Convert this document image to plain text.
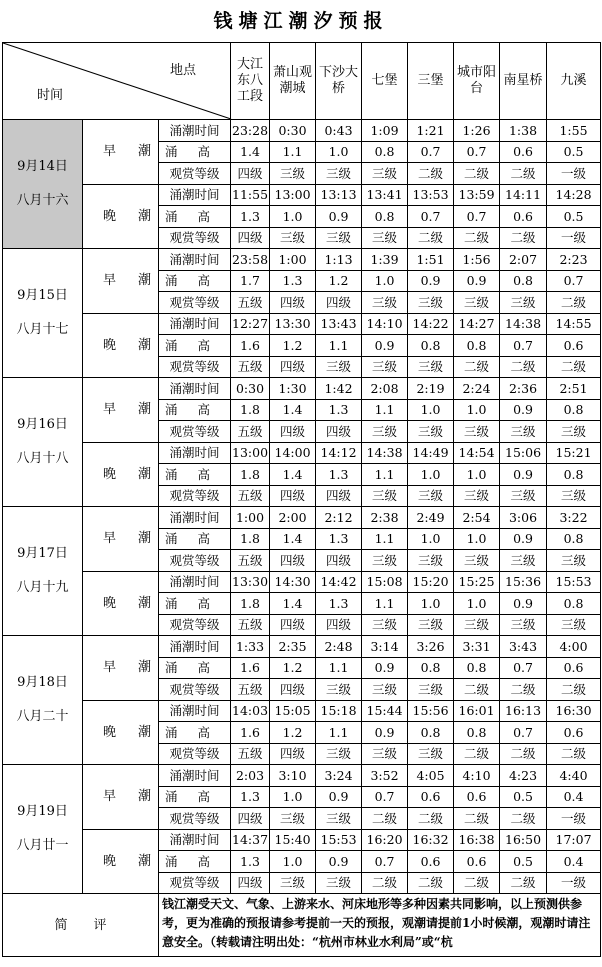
钱塘江潮汐预报
地点
时间			大江东八工段	萧山观潮城	下沙大桥	七堡	三堡	城市阳台	南星桥	九溪

9月14日
八月十六	早潮	涌潮时间	23:28	0:30	0:43	1:09	1:21	1:26	1:38	1:55
		涌高	1.4	1.1	1.0	0.8	0.7	0.7	0.6	0.5
		观赏等级	四级	三级	三级	三级	二级	二级	二级	一级
	晚潮	涌潮时间	11:55	13:00	13:13	13:41	13:53	13:59	14:11	14:28
		涌高	1.3	1.0	0.9	0.8	0.7	0.7	0.6	0.5
		观赏等级	四级	三级	三级	三级	二级	二级	二级	一级

9月15日
八月十七	早潮	涌潮时间	23:58	1:00	1:13	1:39	1:51	1:56	2:07	2:23
		涌高	1.7	1.3	1.2	1.0	0.9	0.9	0.8	0.7
		观赏等级	五级	四级	四级	三级	三级	三级	三级	二级
	晚潮	涌潮时间	12:27	13:30	13:43	14:10	14:22	14:27	14:38	14:55
		涌高	1.6	1.2	1.1	0.9	0.8	0.8	0.7	0.6
		观赏等级	五级	四级	三级	三级	三级	二级	二级	二级

9月16日
八月十八	早潮	涌潮时间	0:30	1:30	1:42	2:08	2:19	2:24	2:36	2:51
		涌高	1.8	1.4	1.3	1.1	1.0	1.0	0.9	0.8
		观赏等级	五级	四级	四级	三级	三级	三级	三级	三级
	晚潮	涌潮时间	13:00	14:00	14:12	14:38	14:49	14:54	15:06	15:21
		涌高	1.8	1.4	1.3	1.1	1.0	1.0	0.9	0.8
		观赏等级	五级	四级	四级	三级	三级	三级	三级	三级

9月17日
八月十九	早潮	涌潮时间	1:00	2:00	2:12	2:38	2:49	2:54	3:06	3:22
		涌高	1.8	1.4	1.3	1.1	1.0	1.0	0.9	0.8
		观赏等级	五级	四级	四级	三级	三级	三级	三级	三级
	晚潮	涌潮时间	13:30	14:30	14:42	15:08	15:20	15:25	15:36	15:53
		涌高	1.8	1.4	1.3	1.1	1.0	1.0	0.9	0.8
		观赏等级	五级	四级	四级	三级	三级	三级	三级	三级

9月18日
八月二十	早潮	涌潮时间	1:33	2:35	2:48	3:14	3:26	3:31	3:43	4:00
		涌高	1.6	1.2	1.1	0.9	0.8	0.8	0.7	0.6
		观赏等级	五级	四级	三级	三级	三级	二级	二级	二级
	晚潮	涌潮时间	14:03	15:05	15:18	15:44	15:56	16:01	16:13	16:30
		涌高	1.6	1.2	1.1	0.9	0.8	0.8	0.7	0.6
		观赏等级	五级	四级	三级	三级	三级	二级	二级	二级

9月19日
八月廿一	早潮	涌潮时间	2:03	3:10	3:24	3:52	4:05	4:10	4:23	4:40
		涌高	1.3	1.0	0.9	0.7	0.6	0.6	0.5	0.4
		观赏等级	四级	三级	三级	二级	二级	二级	二级	一级
	晚潮	涌潮时间	14:37	15:40	15:53	16:20	16:32	16:38	16:50	17:07
		涌高	1.3	1.0	0.9	0.7	0.6	0.6	0.5	0.4
		观赏等级	四级	三级	三级	二级	二级	二级	二级	一级
简评		钱江潮受天文、气象、上游来水、河床地形等多种因素共同影响，以上预测供参考，更为准确的预报请参考提前一天的预报，观潮请提前1小时候潮，观潮时请注意安全。（转载请注明出处：“杭州市林业水利局”或“杭								
